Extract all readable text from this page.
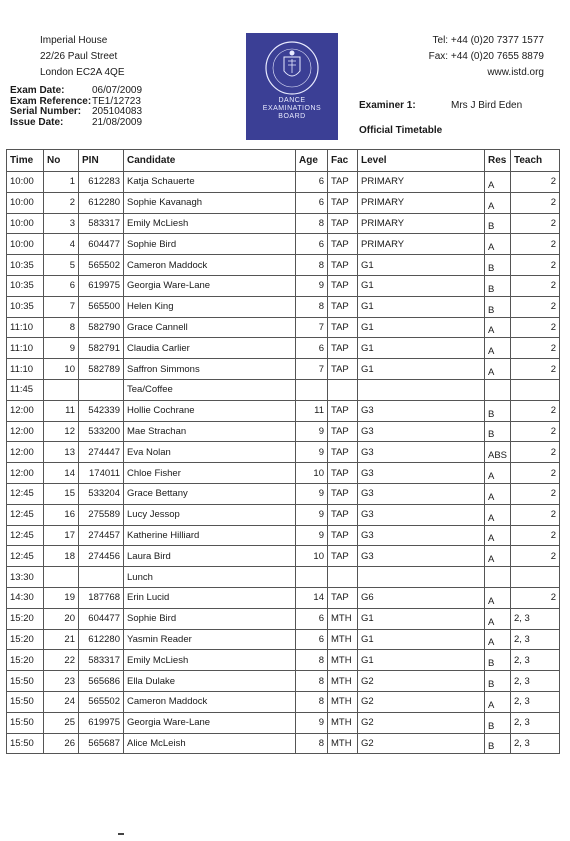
Imperial House
22/26 Paul Street
London EC2A 4QE
DANCE
EXAMINATIONS
BOARD
Tel: +44 (0)20 7377 1577
Fax: +44 (0)20 7655 8879
www.istd.org
Exam Date:	06/07/2009
Exam Reference: TE1/12723
Serial Number:	205104083
Issue Date:	21/08/2009
Examiner 1:	Mrs J Bird Eden
Official Timetable
Time	No	PIN	Candidate	Age	Fac	Level	Res	Teach
10:00	1	612283	Katja Schauerte	6	TAP	PRIMARY	A	2
10:00	2	612280	Sophie Kavanagh	6	TAP	PRIMARY	A	2
10:00	3	583317	Emily McLiesh	8	TAP	PRIMARY	B	2
10:00	4	604477	Sophie Bird	6	TAP	PRIMARY	A	2
10:35	5	565502	Cameron Maddock	8	TAP	G1	B	2
10:35	6	619975	Georgia Ware-Lane	9	TAP	G1	B	2
10:35	7	565500	Helen King	8	TAP	G1	B	2
11:10	8	582790	Grace Cannell	7	TAP	G1	A	2
11:10	9	582791	Claudia Carlier	6	TAP	G1	A	2
11:10	10	582789	Saffron Simmons	7	TAP	G1	A	2
11:45			Tea/Coffee					
12:00	11	542339	Hollie Cochrane	11	TAP	G3	B	2
12:00	12	533200	Mae Strachan	9	TAP	G3	B	2
12:00	13	274447	Eva Nolan	9	TAP	G3	ABS	2
12:00	14	174011	Chloe Fisher	10	TAP	G3	A	2
12:45	15	533204	Grace Bettany	9	TAP	G3	A	2
12:45	16	275589	Lucy Jessop	9	TAP	G3	A	2
12:45	17	274457	Katherine Hilliard	9	TAP	G3	A	2
12:45	18	274456	Laura Bird	10	TAP	G3	A	2
13:30			Lunch					
14:30	19	187768	Erin Lucid	14	TAP	G6	A	2
15:20	20	604477	Sophie Bird	6	MTH	G1	A	2, 3
15:20	21	612280	Yasmin Reader	6	MTH	G1	A	2, 3
15:20	22	583317	Emily McLiesh	8	MTH	G1	B	2, 3
15:50	23	565686	Ella Dulake	8	MTH	G2	B	2, 3
15:50	24	565502	Cameron Maddock	8	MTH	G2	A	2, 3
15:50	25	619975	Georgia Ware-Lane	9	MTH	G2	B	2, 3
15:50	26	565687	Alice McLeish	8	MTH	G2	B	2, 3
